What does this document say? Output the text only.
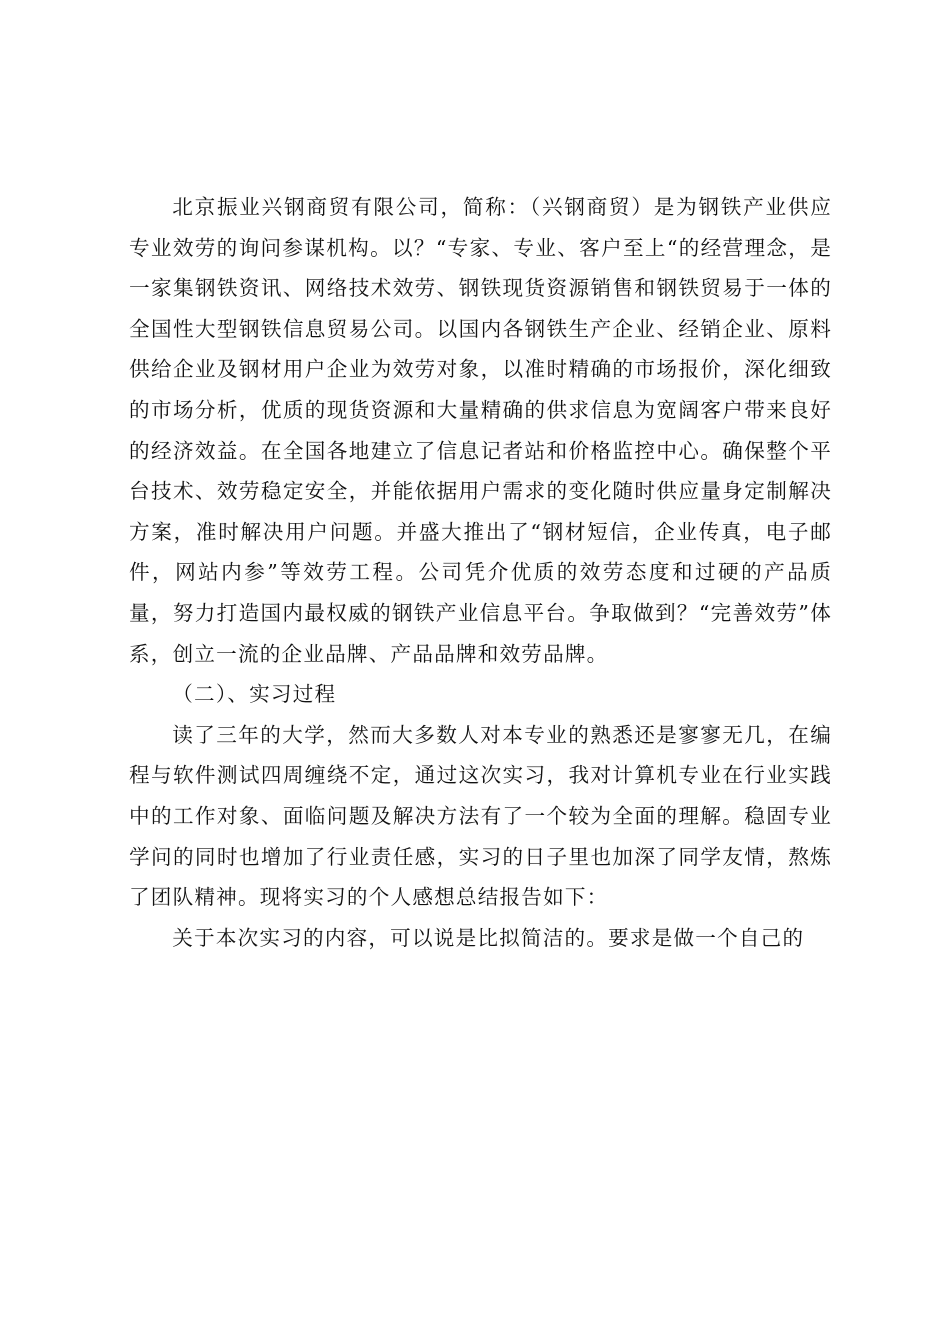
北京振业兴钢商贸有限公司，简称：（兴钢商贸）是为钢铁产业供应专业效劳的询问参谋机构。以？“专家、专业、客户至上“的经营理念，是一家集钢铁资讯、网络技术效劳、钢铁现货资源销售和钢铁贸易于一体的全国性大型钢铁信息贸易公司。以国内各钢铁生产企业、经销企业、原料供给企业及钢材用户企业为效劳对象，以准时精确的市场报价，深化细致的市场分析，优质的现货资源和大量精确的供求信息为宽阔客户带来良好的经济效益。在全国各地建立了信息记者站和价格监控中心。确保整个平台技术、效劳稳定安全，并能依据用户需求的变化随时供应量身定制解决方案，准时解决用户问题。并盛大推出了“钢材短信，企业传真，电子邮件，网站内参”等效劳工程。公司凭介优质的效劳态度和过硬的产品质量，努力打造国内最权威的钢铁产业信息平台。争取做到？“完善效劳”体系，创立一流的企业品牌、产品品牌和效劳品牌。

（二）、实习过程

读了三年的大学，然而大多数人对本专业的熟悉还是寥寥无几，在编程与软件测试四周缠绕不定，通过这次实习，我对计算机专业在行业实践中的工作对象、面临问题及解决方法有了一个较为全面的理解。稳固专业学问的同时也增加了行业责任感，实习的日子里也加深了同学友情，熬炼了团队精神。现将实习的个人感想总结报告如下：

关于本次实习的内容，可以说是比拟简洁的。要求是做一个自己的
